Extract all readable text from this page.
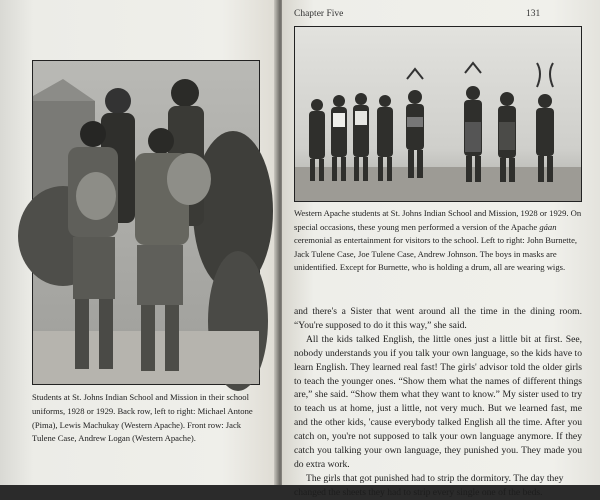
Students at St. Johns Indian School and Mission in their school uniforms, 1928 or 1929. Back row, left to right: Michael Antone (Pima), Lewis Machukay (Western Apache). Front row: Jack Tulene Case, Andrew Logan (Western Apache).
Chapter Five	131
Western Apache students at St. Johns Indian School and Mission, 1928 or 1929. On special occasions, these young men performed a version of the Apache gáan ceremonial as entertainment for visitors to the school. Left to right: John Burnette, Jack Tulene Case, Joe Tulene Case, Andrew Johnson. The boys in masks are unidentified. Except for Burnette, who is holding a drum, all are wearing wigs.

and there's a Sister that went around all the time in the dining room. “You're supposed to do it this way,” she said.

All the kids talked English, the little ones just a little bit at first. See, nobody understands you if you talk your own language, so the kids have to learn English. They learned real fast! The girls' advisor told the older girls to teach the younger ones. “Show them what the names of different things are,” she said. “Show them what they want to know.” My sister used to try to teach us at home, just a little, not very much. But we learned fast, me and the other kids, 'cause everybody talked English all the time. After you catch on, you're not supposed to talk your own language anymore. If they catch you talking your own language, they punished you. They made you do extra work.

The girls that got punished had to strip the dormitory. The day they changed the sheets they had to strip every single one of the beds.
